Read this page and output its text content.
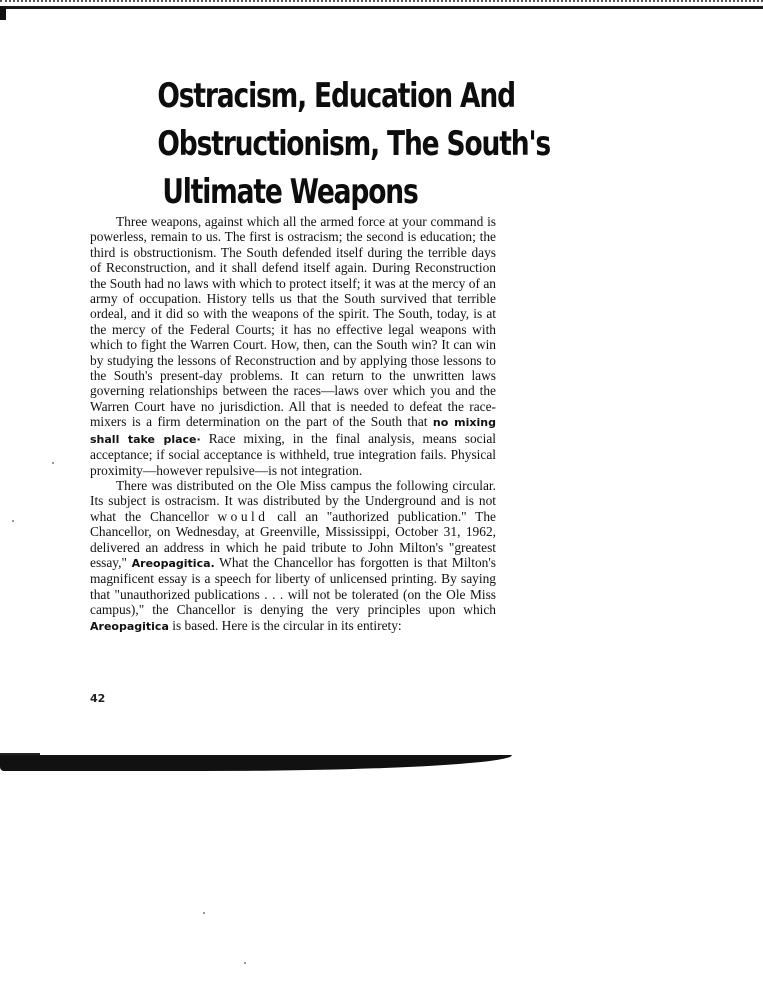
Ostracism, Education And
Obstructionism, The South's
Ultimate Weapons

Three weapons, against which all the armed force at your command is powerless, remain to us. The first is ostracism; the second is education; the third is obstructionism. The South defended itself during the terrible days of Reconstruction, and it shall defend itself again. During Reconstruction the South had no laws with which to protect itself; it was at the mercy of an army of occupation. History tells us that the South survived that terrible ordeal, and it did so with the weapons of the spirit. The South, today, is at the mercy of the Federal Courts; it has no effective legal weapons with which to fight the Warren Court. How, then, can the South win? It can win by studying the lessons of Reconstruction and by applying those lessons to the South's present-day problems. It can return to the unwritten laws governing relationships between the races—laws over which you and the Warren Court have no jurisdiction. All that is needed to defeat the race-mixers is a firm determination on the part of the South that no mixing shall take place· Race mixing, in the final analysis, means social acceptance; if social acceptance is withheld, true integration fails. Physical proximity—however repulsive—is not integration.

There was distributed on the Ole Miss campus the following circular. Its subject is ostracism. It was distributed by the Underground and is not what the Chancellor would call an "authorized publication." The Chancellor, on Wednesday, at Greenville, Mississippi, October 31, 1962, delivered an address in which he paid tribute to John Milton's "greatest essay," Areopagitica. What the Chancellor has forgotten is that Milton's magnificent essay is a speech for liberty of unlicensed printing. By saying that "unauthorized publications . . . will not be tolerated (on the Ole Miss campus)," the Chancellor is denying the very principles upon which Areopagitica is based. Here is the circular in its entirety:

42
